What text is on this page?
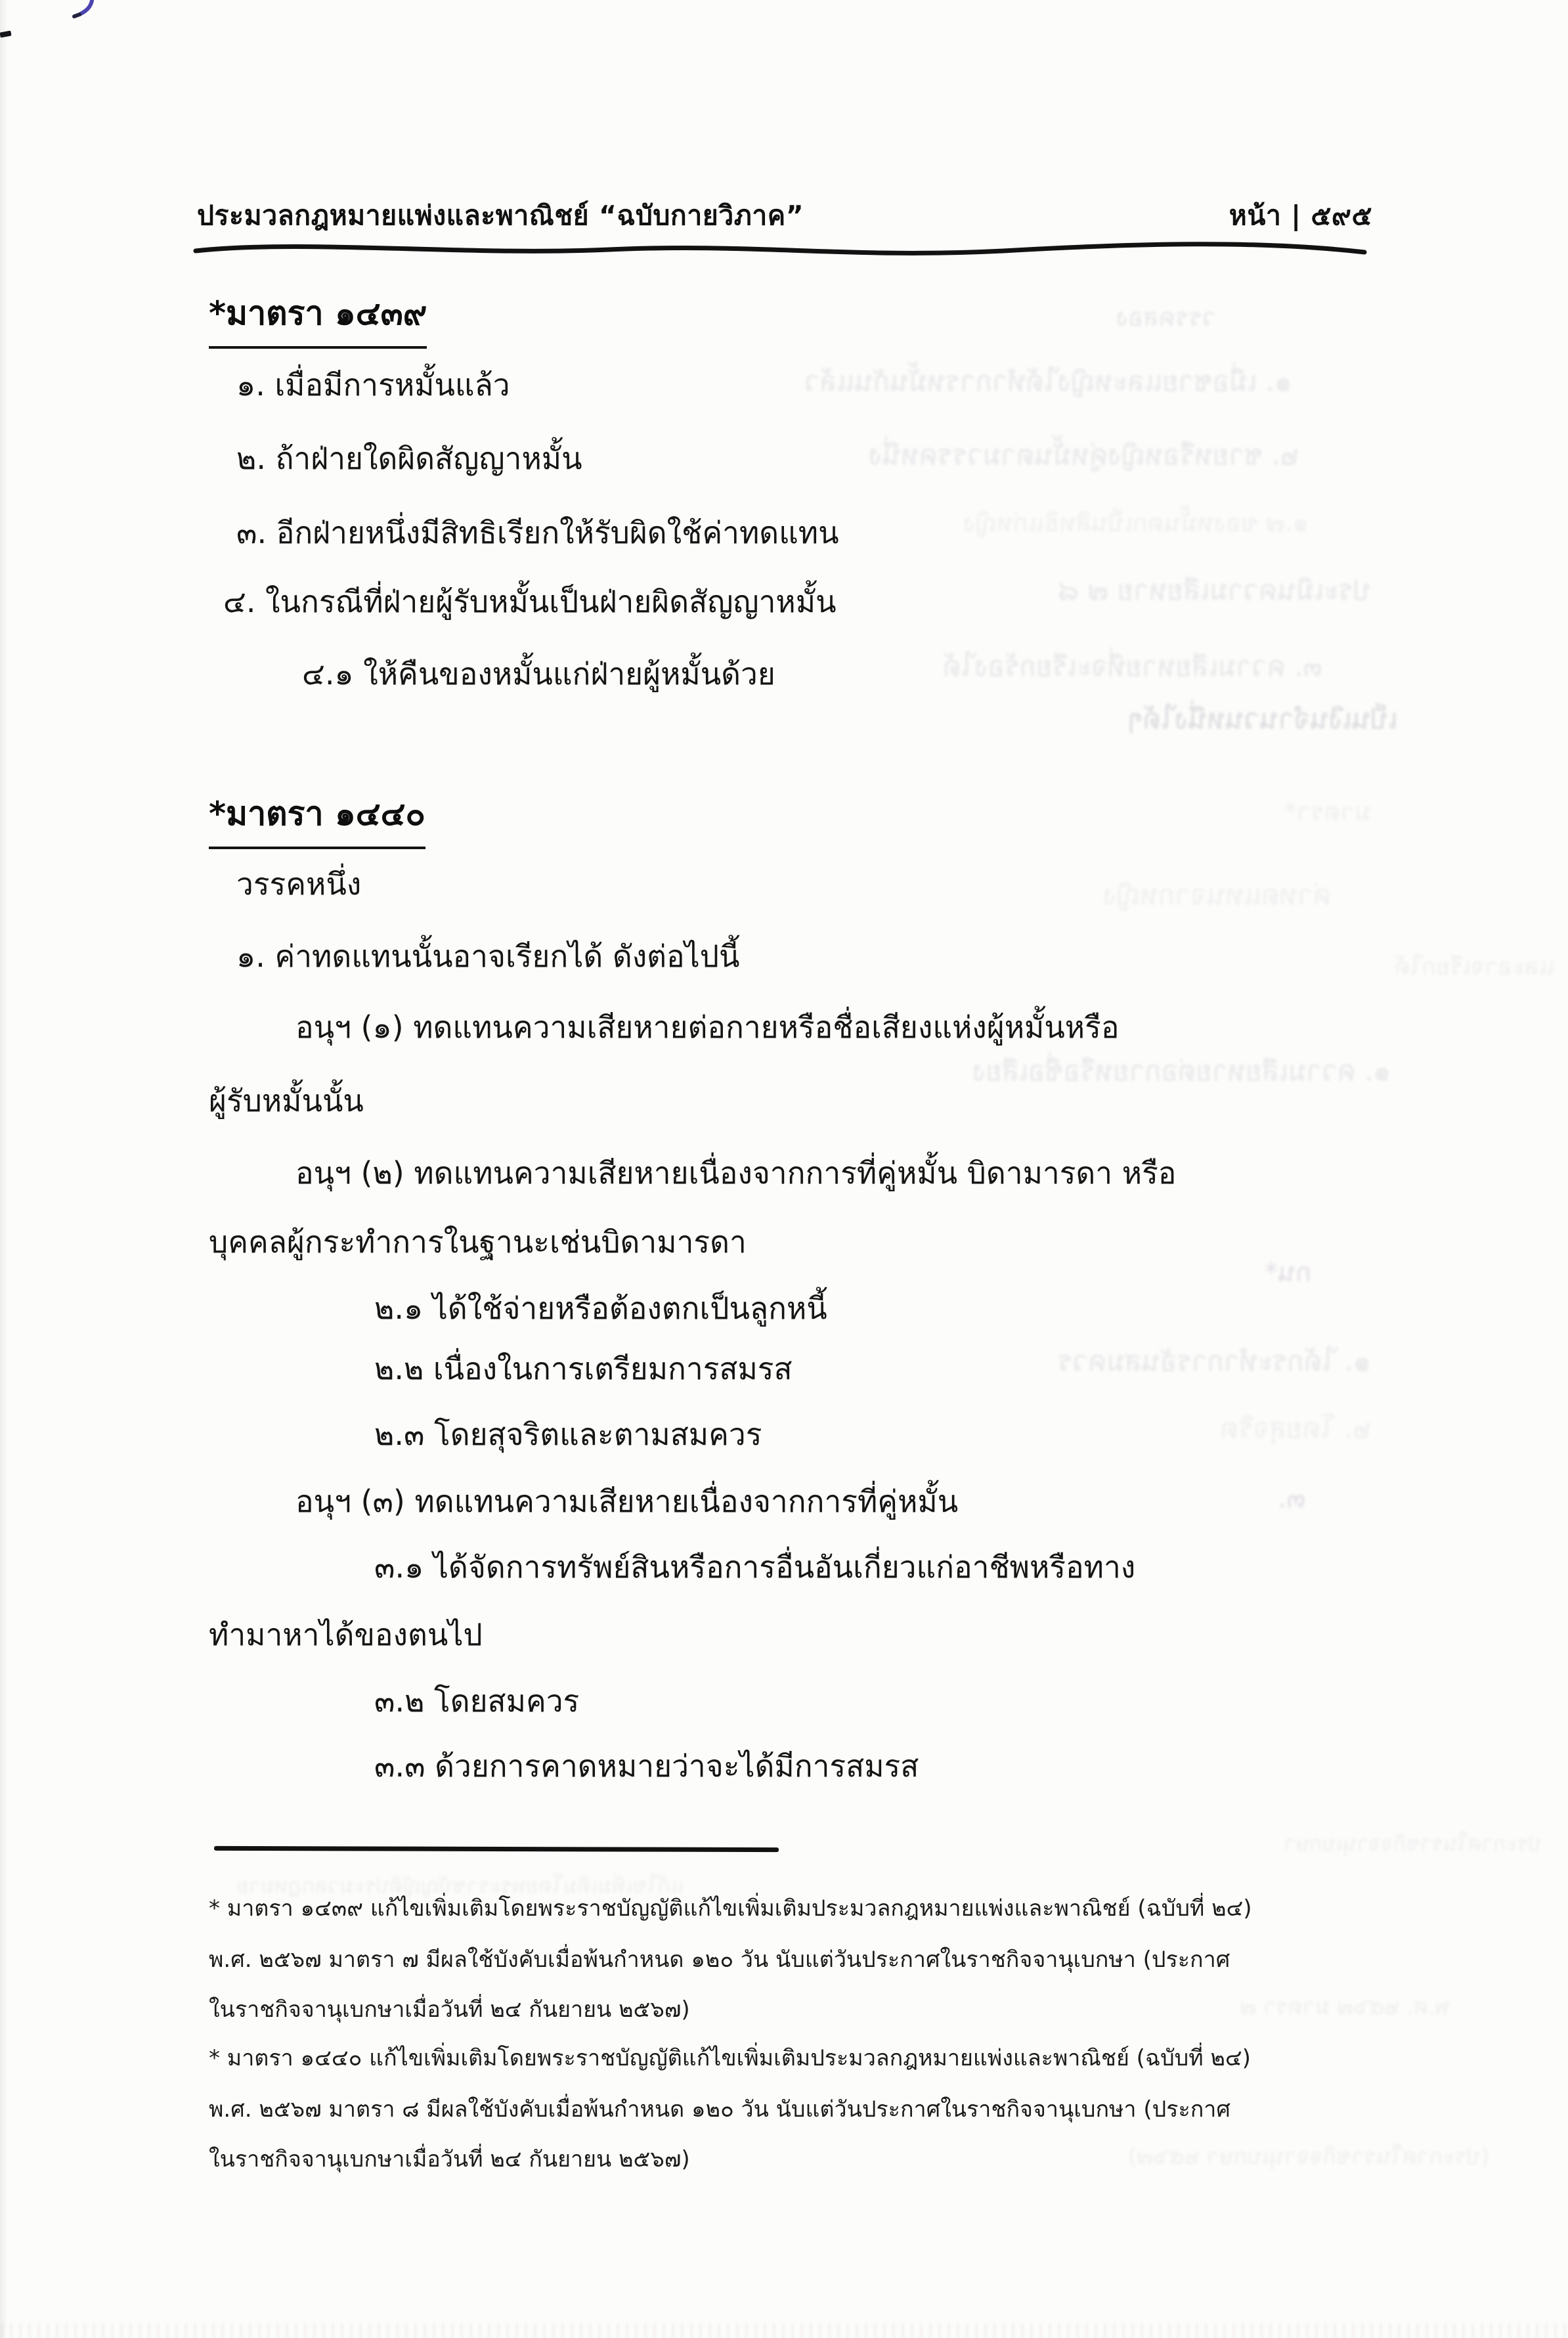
ประมวลกฎหมายแพ่งและพาณิชย์ “ฉบับกายวิภาค”	หน้า | ๕๙๕
*มาตรา ๑๔๓๙
๑. เมื่อมีการหมั้นแล้ว
๒. ถ้าฝ่ายใดผิดสัญญาหมั้น
๓. อีกฝ่ายหนึ่งมีสิทธิเรียกให้รับผิดใช้ค่าทดแทน
๔. ในกรณีที่ฝ่ายผู้รับหมั้นเป็นฝ่ายผิดสัญญาหมั้น
๔.๑ ให้คืนของหมั้นแก่ฝ่ายผู้หมั้นด้วย
*มาตรา ๑๔๔๐
วรรคหนึ่ง
๑. ค่าทดแทนนั้นอาจเรียกได้ ดังต่อไปนี้
อนุฯ (๑) ทดแทนความเสียหายต่อกายหรือชื่อเสียงแห่งผู้หมั้นหรือ
ผู้รับหมั้นนั้น
อนุฯ (๒) ทดแทนความเสียหายเนื่องจากการที่คู่หมั้น บิดามารดา หรือ
บุคคลผู้กระทำการในฐานะเช่นบิดามารดา
๒.๑ ได้ใช้จ่ายหรือต้องตกเป็นลูกหนี้
๒.๒ เนื่องในการเตรียมการสมรส
๒.๓ โดยสุจริตและตามสมควร
อนุฯ (๓) ทดแทนความเสียหายเนื่องจากการที่คู่หมั้น
๓.๑ ได้จัดการทรัพย์สินหรือการอื่นอันเกี่ยวแก่อาชีพหรือทาง
ทำมาหาได้ของตนไป
๓.๒ โดยสมควร
๓.๓ ด้วยการคาดหมายว่าจะได้มีการสมรส
* มาตรา ๑๔๓๙ แก้ไขเพิ่มเติมโดยพระราชบัญญัติแก้ไขเพิ่มเติมประมวลกฎหมายแพ่งและพาณิชย์ (ฉบับที่ ๒๔)
พ.ศ. ๒๕๖๗ มาตรา ๗ มีผลใช้บังคับเมื่อพ้นกำหนด ๑๒๐ วัน นับแต่วันประกาศในราชกิจจานุเบกษา (ประกาศ
ในราชกิจจานุเบกษาเมื่อวันที่ ๒๔ กันยายน ๒๕๖๗)
* มาตรา ๑๔๔๐ แก้ไขเพิ่มเติมโดยพระราชบัญญัติแก้ไขเพิ่มเติมประมวลกฎหมายแพ่งและพาณิชย์ (ฉบับที่ ๒๔)
พ.ศ. ๒๕๖๗ มาตรา ๘ มีผลใช้บังคับเมื่อพ้นกำหนด ๑๒๐ วัน นับแต่วันประกาศในราชกิจจานุเบกษา (ประกาศ
ในราชกิจจานุเบกษาเมื่อวันที่ ๒๔ กันยายน ๒๕๖๗)
วรรคสอง
๑. เมื่อชายและหญิงได้ทำการหมั้นกันแล้ว
๒. ชายหรือหญิงคู่หมั้นตามวรรคหนึ่ง
๑.๗ ของหมั้นตกเป็นสิทธิแก่หญิง
ประเมินความเสียหาย ๗ ๘
๓. ความเสียหายที่จะเรียกร้องได้
เป็นเงินจำนวนหนึ่งได้ๆ
มาตรา*
ค่าทดแทนจากหญิง
และอาจเรียกได้
๑. ความเสียหายต่อกายหรือชื่อเสียง
กน*
๑. ได้กระทำการอันสมควร
๒. โดยสุจริต
๓.
ประกาศในราชกิจจานุเบกษา
แก้ไขเพิ่มเติมโดยพระราชบัญญัติประมวลกฎหมาย
พ.ศ. ๒๕๖๗ มาตรา ๗
(ประกาศในราชกิจจานุเบกษา ๒๕๖๗)
